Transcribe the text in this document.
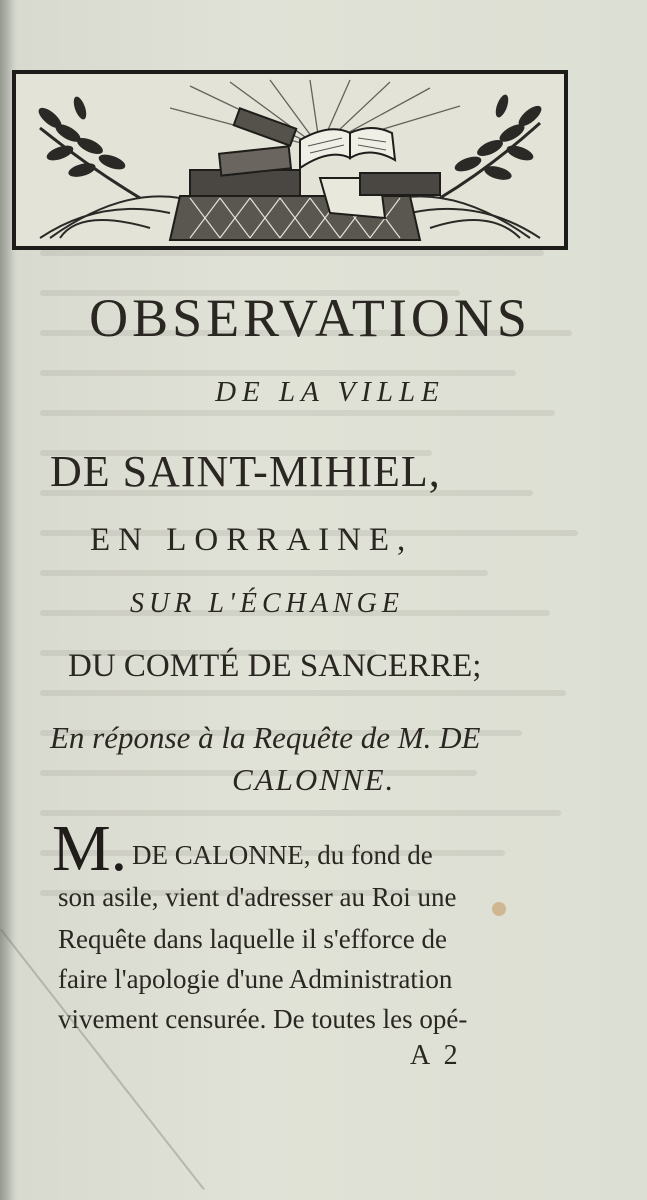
OBSERVATIONS
DE LA VILLE
DE SAINT-MIHIEL,
EN LORRAINE,
SUR L'ÉCHANGE
DU COMTÉ DE SANCERRE;
En réponse à la Requête de M. DE
CALONNE.
M. DE CALONNE, du fond de
son asile, vient d'adresser au Roi une
Requête dans laquelle il s'efforce de
faire l'apologie d'une Administration
vivement censurée. De toutes les opé-
A 2
